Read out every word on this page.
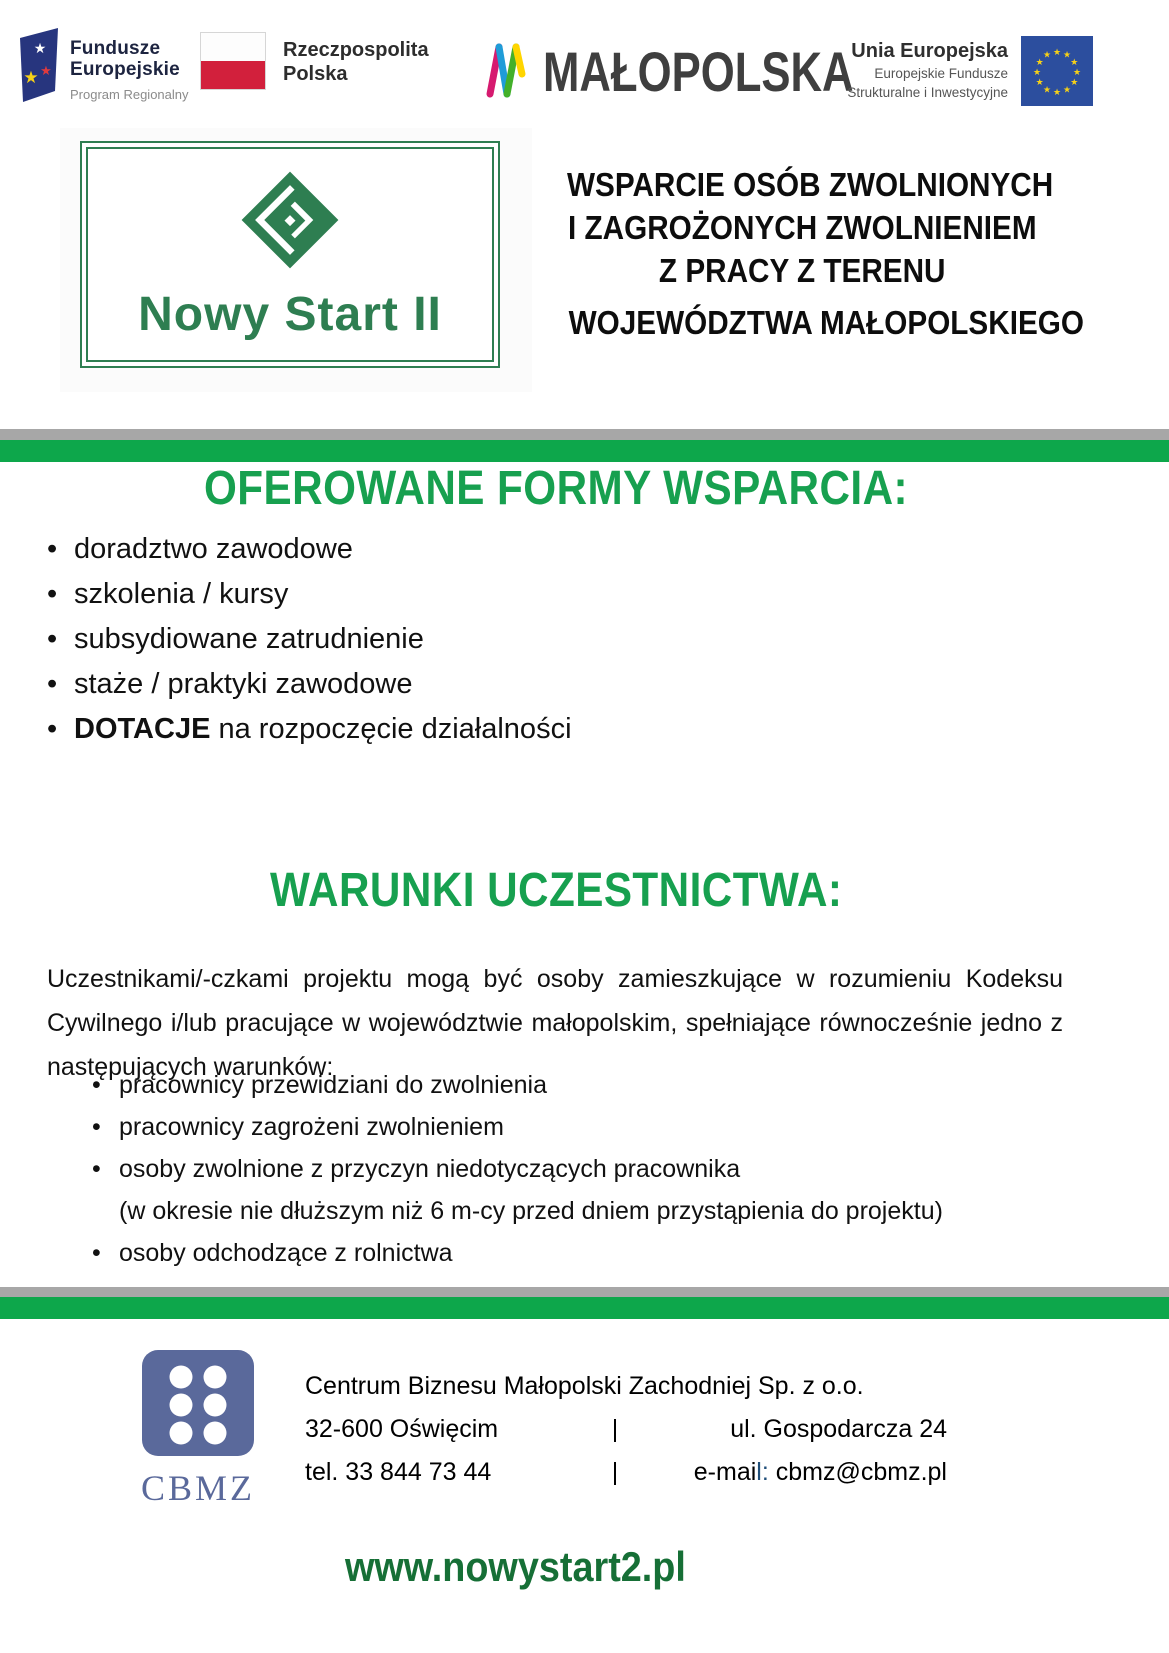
★
★ ★
Fundusze
Europejskie
Program Regionalny
Rzeczpospolita
Polska	MAŁOPOLSKA
Unia Europejska
Europejskie Fundusze
Strukturalne i Inwestycyjne
★ ★
★
★
★
★
★
★
★
★
★
★
Nowy Start II
WSPARCIE OSÓB ZWOLNIONYCH
I ZAGROŻONYCH ZWOLNIENIEM
Z PRACY Z TERENU
WOJEWÓDZTWA MAŁOPOLSKIEGO
OFEROWANE FORMY WSPARCIA:
• doradztwo zawodowe
• szkolenia / kursy
• subsydiowane zatrudnienie
• staże / praktyki zawodowe
• DOTACJE na rozpoczęcie działalności
WARUNKI UCZESTNICTWA:

Uczestnikami/-czkami projektu mogą być osoby zamieszkujące w rozumieniu Kodeksu Cywilnego i/lub pracujące w województwie małopolskim, spełniające równocześnie jedno z następujących warunków:

• pracownicy przewidziani do zwolnienia
• pracownicy zagrożeni zwolnieniem
• osoby zwolnione z przyczyn niedotyczących pracownika
(w okresie nie dłuższym niż 6 m-cy przed dniem przystąpienia do projektu)
• osoby odchodzące z rolnictwa
CBMZ
Centrum Biznesu Małopolski Zachodniej Sp. z o.o.
32-600 Oświęcim	|	ul. Gospodarcza 24
tel. 33 844 73 44	|	e-mail: cbmz@cbmz.pl
www.nowystart2.pl
